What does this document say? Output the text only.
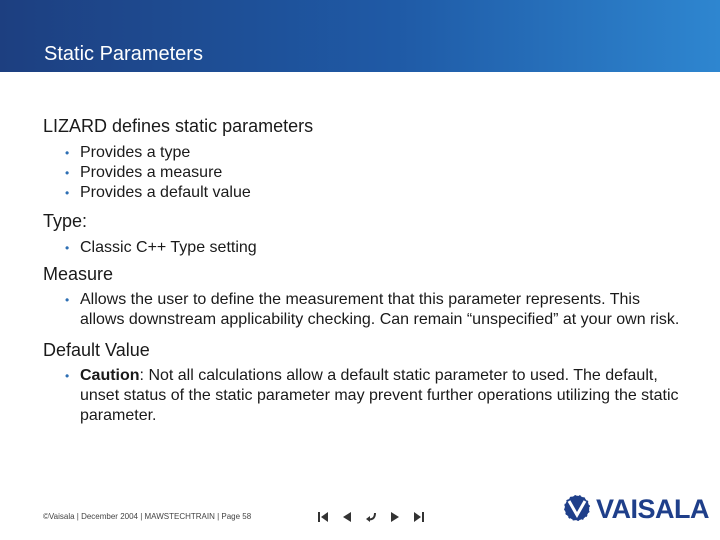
Static Parameters

LIZARD defines static parameters

• Provides a type
• Provides a measure
• Provides a default value

Type:

• Classic C++ Type setting

Measure

• Allows the user to define the measurement that this parameter represents. This allows downstream applicability checking. Can remain “unspecified” at your own risk.

Default Value

• Caution: Not all calculations allow a default static parameter to used. The default, unset status of the static parameter may prevent further operations utilizing the static parameter.
©Vaisala | December 2004 | MAWSTECHTRAIN | Page 58	VAISALA
